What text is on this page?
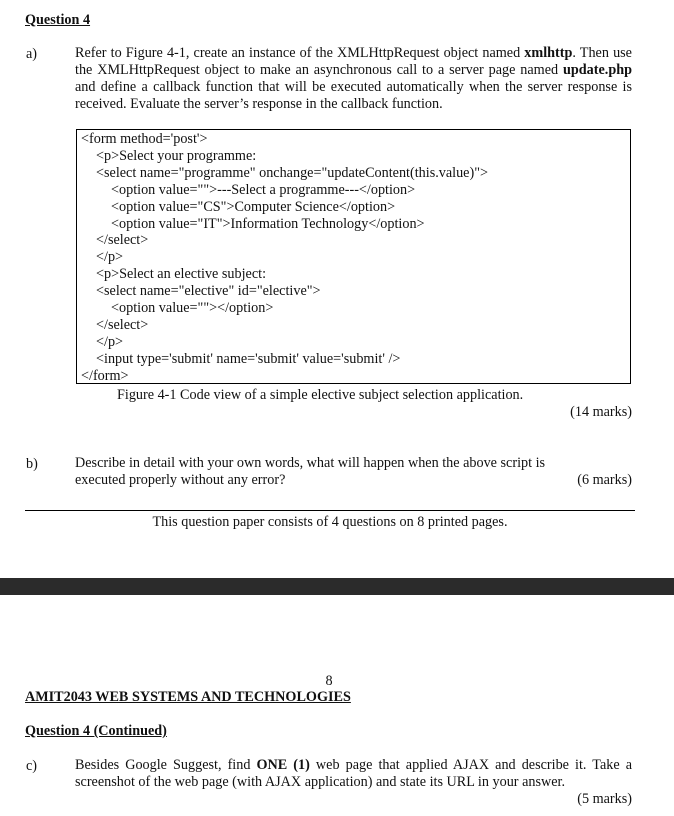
Question 4
a)	Refer to Figure 4-1, create an instance of the XMLHttpRequest object named xmlhttp. Then use the XMLHttpRequest object to make an asynchronous call to a server page named update.php and define a callback function that will be executed automatically when the server response is received. Evaluate the server’s response in the callback function.
<form method='post'>
<p>Select your programme:
<select name="programme" onchange="updateContent(this.value)">
<option value="">---Select a programme---</option>
<option value="CS">Computer Science</option>
<option value="IT">Information Technology</option>
</select>
</p>
<p>Select an elective subject:
<select name="elective" id="elective">
<option value=""></option>
</select>
</p>
<input type='submit' name='submit' value='submit' />
</form>
Figure 4-1 Code view of a simple elective subject selection application.
(14 marks)
b)	Describe in detail with your own words, what will happen when the above script is executed properly without any error?	(6 marks)
This question paper consists of 4 questions on 8 printed pages.
8
AMIT2043 WEB SYSTEMS AND TECHNOLOGIES
Question 4 (Continued)
c)	Besides Google Suggest, find ONE (1) web page that applied AJAX and describe it. Take a screenshot of the web page (with AJAX application) and state its URL in your answer.
(5 marks)
